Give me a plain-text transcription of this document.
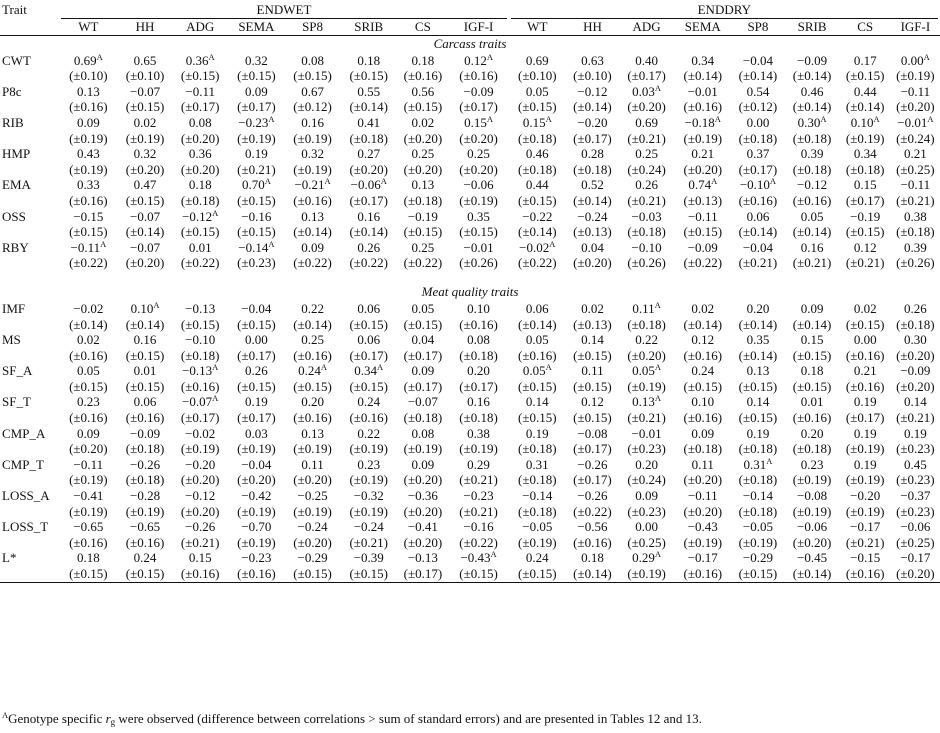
Trait	ENDWET								ENDDRY							

	WT	HH	ADG	SEMA	SP8	SRIB	CS	IGF-I	WT	HH	ADG	SEMA	SP8	SRIB	CS	IGF-I
Carcass traits																
CWT	$0.69^A$	0.65	$0.36^A$	0.32	0.08	0.18	0.18	$0.12^A$	0.69	0.63	0.40	0.34	−0.04	−0.09	0.17	$0.00^A$
	(±0.10)	(±0.10)	(±0.15)	(±0.15)	(±0.15)	(±0.15)	(±0.16)	(±0.16)	(±0.10)	(±0.10)	(±0.17)	(±0.14)	(±0.14)	(±0.14)	(±0.15)	(±0.19)
P8c	0.13	−0.07	−0.11	0.09	0.67	0.55	0.56	−0.09	0.05	−0.12	$0.03^A$	−0.01	0.54	0.46	0.44	−0.11
	(±0.16)	(±0.15)	(±0.17)	(±0.17)	(±0.12)	(±0.14)	(±0.15)	(±0.17)	(±0.15)	(±0.14)	(±0.20)	(±0.16)	(±0.12)	(±0.14)	(±0.14)	(±0.20)
RIB	0.09	0.02	0.08	$-0.23^A$	0.16	0.41	0.02	$0.15^A$	$0.15^A$	−0.20	0.69	$-0.18^A$	0.00	$0.30^A$	$0.10^A$	$-0.01^A$
	(±0.19)	(±0.19)	(±0.20)	(±0.19)	(±0.19)	(±0.18)	(±0.20)	(±0.20)	(±0.18)	(±0.17)	(±0.21)	(±0.19)	(±0.18)	(±0.18)	(±0.19)	(±0.24)
HMP	0.43	0.32	0.36	0.19	0.32	0.27	0.25	0.25	0.46	0.28	0.25	0.21	0.37	0.39	0.34	0.21
	(±0.19)	(±0.20)	(±0.20)	(±0.21)	(±0.19)	(±0.20)	(±0.20)	(±0.20)	(±0.18)	(±0.18)	(±0.24)	(±0.20)	(±0.17)	(±0.18)	(±0.18)	(±0.25)
EMA	0.33	0.47	0.18	$0.70^A$	$-0.21^A$	$-0.06^A$	0.13	−0.06	0.44	0.52	0.26	$0.74^A$	$-0.10^A$	−0.12	0.15	−0.11
	(±0.16)	(±0.15)	(±0.18)	(±0.15)	(±0.16)	(±0.17)	(±0.18)	(±0.19)	(±0.15)	(±0.14)	(±0.21)	(±0.13)	(±0.16)	(±0.16)	(±0.17)	(±0.21)
OSS	−0.15	−0.07	$-0.12^A$	−0.16	0.13	0.16	−0.19	0.35	−0.22	−0.24	−0.03	−0.11	0.06	0.05	−0.19	0.38
	(±0.15)	(±0.14)	(±0.15)	(±0.15)	(±0.14)	(±0.14)	(±0.15)	(±0.15)	(±0.14)	(±0.13)	(±0.18)	(±0.15)	(±0.14)	(±0.14)	(±0.15)	(±0.18)
RBY	$-0.11^A$	−0.07	0.01	$-0.14^A$	0.09	0.26	0.25	−0.01	$-0.02^A$	0.04	−0.10	−0.09	−0.04	0.16	0.12	0.39
	(±0.22)	(±0.20)	(±0.22)	(±0.23)	(±0.22)	(±0.22)	(±0.22)	(±0.26)	(±0.22)	(±0.20)	(±0.26)	(±0.22)	(±0.21)	(±0.21)	(±0.21)	(±0.26)

Meat quality traits																
IMF	−0.02	$0.10^A$	−0.13	−0.04	0.22	0.06	0.05	0.10	0.06	0.02	$0.11^A$	0.02	0.20	0.09	0.02	0.26
	(±0.14)	(±0.14)	(±0.15)	(±0.15)	(±0.14)	(±0.15)	(±0.15)	(±0.16)	(±0.14)	(±0.13)	(±0.18)	(±0.14)	(±0.14)	(±0.14)	(±0.15)	(±0.18)
MS	0.02	0.16	−0.10	0.00	0.25	0.06	0.04	0.08	0.05	0.14	0.22	0.12	0.35	0.15	0.00	0.30
	(±0.16)	(±0.15)	(±0.18)	(±0.17)	(±0.16)	(±0.17)	(±0.17)	(±0.18)	(±0.16)	(±0.15)	(±0.20)	(±0.16)	(±0.14)	(±0.15)	(±0.16)	(±0.20)
SF_A	0.05	0.01	$-0.13^A$	0.26	$0.24^A$	$0.34^A$	0.09	0.20	$0.05^A$	0.11	$0.05^A$	0.24	0.13	0.18	0.21	−0.09
	(±0.15)	(±0.15)	(±0.16)	(±0.15)	(±0.15)	(±0.15)	(±0.17)	(±0.17)	(±0.15)	(±0.15)	(±0.19)	(±0.15)	(±0.15)	(±0.15)	(±0.16)	(±0.20)
SF_T	0.23	0.06	$-0.07^A$	0.19	0.20	0.24	−0.07	0.16	0.14	0.12	$0.13^A$	0.10	0.14	0.01	0.19	0.14
	(±0.16)	(±0.16)	(±0.17)	(±0.17)	(±0.16)	(±0.16)	(±0.18)	(±0.18)	(±0.15)	(±0.15)	(±0.21)	(±0.16)	(±0.15)	(±0.16)	(±0.17)	(±0.21)
CMP_A	0.09	−0.09	−0.02	0.03	0.13	0.22	0.08	0.38	0.19	−0.08	−0.01	0.09	0.19	0.20	0.19	0.19
	(±0.20)	(±0.18)	(±0.19)	(±0.19)	(±0.19)	(±0.19)	(±0.19)	(±0.19)	(±0.18)	(±0.17)	(±0.23)	(±0.18)	(±0.18)	(±0.18)	(±0.19)	(±0.23)
CMP_T	−0.11	−0.26	−0.20	−0.04	0.11	0.23	0.09	0.29	0.31	−0.26	0.20	0.11	$0.31^A$	0.23	0.19	0.45
	(±0.19)	(±0.18)	(±0.20)	(±0.20)	(±0.20)	(±0.19)	(±0.20)	(±0.21)	(±0.18)	(±0.17)	(±0.24)	(±0.20)	(±0.18)	(±0.19)	(±0.19)	(±0.23)
LOSS_A	−0.41	−0.28	−0.12	−0.42	−0.25	−0.32	−0.36	−0.23	−0.14	−0.26	0.09	−0.11	−0.14	−0.08	−0.20	−0.37
	(±0.19)	(±0.19)	(±0.20)	(±0.19)	(±0.19)	(±0.19)	(±0.20)	(±0.21)	(±0.18)	(±0.22)	(±0.23)	(±0.20)	(±0.18)	(±0.19)	(±0.19)	(±0.23)
LOSS_T	−0.65	−0.65	−0.26	−0.70	−0.24	−0.24	−0.41	−0.16	−0.05	−0.56	0.00	−0.43	−0.05	−0.06	−0.17	−0.06
	(±0.16)	(±0.16)	(±0.21)	(±0.19)	(±0.20)	(±0.21)	(±0.20)	(±0.22)	(±0.19)	(±0.16)	(±0.25)	(±0.19)	(±0.19)	(±0.20)	(±0.21)	(±0.25)
L*	0.18	0.24	0.15	−0.23	−0.29	−0.39	−0.13	$-0.43^A$	0.24	0.18	$0.29^A$	−0.17	−0.29	−0.45	−0.15	−0.17
	(±0.15)	(±0.15)	(±0.16)	(±0.16)	(±0.15)	(±0.15)	(±0.17)	(±0.15)	(±0.15)	(±0.14)	(±0.19)	(±0.16)	(±0.15)	(±0.14)	(±0.16)	(±0.20)
$^A$Genotype specific $r_g$ were observed (difference between correlations > sum of standard errors) and are presented in Tables 12 and 13.
